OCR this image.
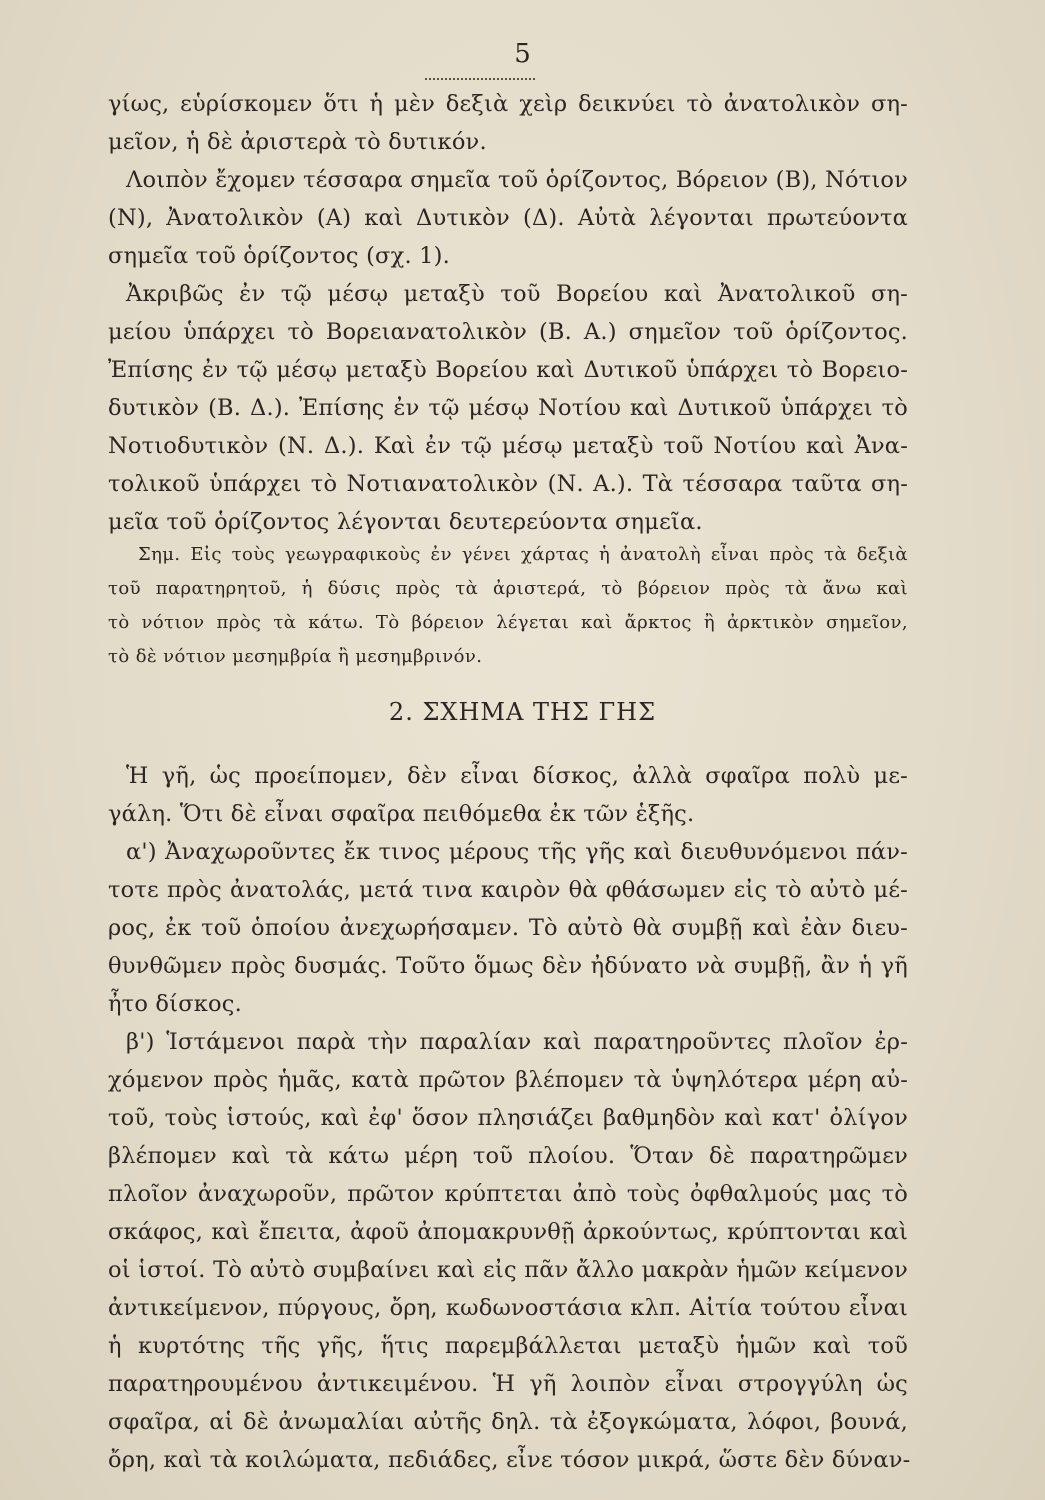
5
γίως, εὑρίσκομεν ὅτι ἡ μὲν δεξιὰ χεὶρ δεικνύει τὸ ἀνατολικὸν ση-
μεῖον, ἡ δὲ ἀριστερὰ τὸ δυτικόν.
Λοιπὸν ἔχομεν τέσσαρα σημεῖα τοῦ ὁρίζοντος, Βόρειον (Β), Νότιον
(Ν), Ἀνατολικὸν (Α) καὶ Δυτικὸν (Δ). Αὐτὰ λέγονται πρωτεύοντα
σημεῖα τοῦ ὁρίζοντος (σχ. 1).
Ἀκριβῶς ἐν τῷ μέσῳ μεταξὺ τοῦ Βορείου καὶ Ἀνατολικοῦ ση-
μείου ὑπάρχει τὸ Βορειανατολικὸν (Β. Α.) σημεῖον τοῦ ὁρίζοντος.
Ἐπίσης ἐν τῷ μέσῳ μεταξὺ Βορείου καὶ Δυτικοῦ ὑπάρχει τὸ Βορειο-
δυτικὸν (Β. Δ.). Ἐπίσης ἐν τῷ μέσῳ Νοτίου καὶ Δυτικοῦ ὑπάρχει τὸ
Νοτιοδυτικὸν (Ν. Δ.). Καὶ ἐν τῷ μέσῳ μεταξὺ τοῦ Νοτίου καὶ Ἀνα-
τολικοῦ ὑπάρχει τὸ Νοτιανατολικὸν (Ν. Α.). Τὰ τέσσαρα ταῦτα ση-
μεῖα τοῦ ὁρίζοντος λέγονται δευτερεύοντα σημεῖα.
Σημ. Εἰς τοὺς γεωγραφικοὺς ἐν γένει χάρτας ἡ ἀνατολὴ εἶναι πρὸς τὰ δεξιὰ
τοῦ παρατηρητοῦ, ἡ δύσις πρὸς τὰ ἀριστερά, τὸ βόρειον πρὸς τὰ ἄνω καὶ
τὸ νότιον πρὸς τὰ κάτω. Τὸ βόρειον λέγεται καὶ ἄρκτος ἢ ἀρκτικὸν σημεῖον,
τὸ δὲ νότιον μεσημβρία ἢ μεσημβρινόν.
2. ΣΧΗΜΑ ΤΗΣ ΓΗΣ
Ἡ γῆ, ὡς προείπομεν, δὲν εἶναι δίσκος, ἀλλὰ σφαῖρα πολὺ με-
γάλη. Ὅτι δὲ εἶναι σφαῖρα πειθόμεθα ἐκ τῶν ἑξῆς.
α') Ἀναχωροῦντες ἔκ τινος μέρους τῆς γῆς καὶ διευθυνόμενοι πάν-
τοτε πρὸς ἀνατολάς, μετά τινα καιρὸν θὰ φθάσωμεν εἰς τὸ αὐτὸ μέ-
ρος, ἐκ τοῦ ὁποίου ἀνεχωρήσαμεν. Τὸ αὐτὸ θὰ συμβῇ καὶ ἐὰν διευ-
θυνθῶμεν πρὸς δυσμάς. Τοῦτο ὅμως δὲν ἠδύνατο νὰ συμβῇ, ἂν ἡ γῆ
ἦτο δίσκος.
β') Ἱστάμενοι παρὰ τὴν παραλίαν καὶ παρατηροῦντες πλοῖον ἐρ-
χόμενον πρὸς ἡμᾶς, κατὰ πρῶτον βλέπομεν τὰ ὑψηλότερα μέρη αὐ-
τοῦ, τοὺς ἱστούς, καὶ ἐφ' ὅσον πλησιάζει βαθμηδὸν καὶ κατ' ὀλίγον
βλέπομεν καὶ τὰ κάτω μέρη τοῦ πλοίου. Ὅταν δὲ παρατηρῶμεν
πλοῖον ἀναχωροῦν, πρῶτον κρύπτεται ἀπὸ τοὺς ὀφθαλμούς μας τὸ
σκάφος, καὶ ἔπειτα, ἀφοῦ ἀπομακρυνθῇ ἀρκούντως, κρύπτονται καὶ
οἱ ἱστοί. Τὸ αὐτὸ συμβαίνει καὶ εἰς πᾶν ἄλλο μακρὰν ἡμῶν κείμενον
ἀντικείμενον, πύργους, ὄρη, κωδωνοστάσια κλπ. Αἰτία τούτου εἶναι
ἡ κυρτότης τῆς γῆς, ἥτις παρεμβάλλεται μεταξὺ ἡμῶν καὶ τοῦ
παρατηρουμένου ἀντικειμένου. Ἡ γῆ λοιπὸν εἶναι στρογγύλη ὡς
σφαῖρα, αἱ δὲ ἀνωμαλίαι αὐτῆς δηλ. τὰ ἐξογκώματα, λόφοι, βουνά,
ὄρη, καὶ τὰ κοιλώματα, πεδιάδες, εἶνε τόσον μικρά, ὥστε δὲν δύναν-
